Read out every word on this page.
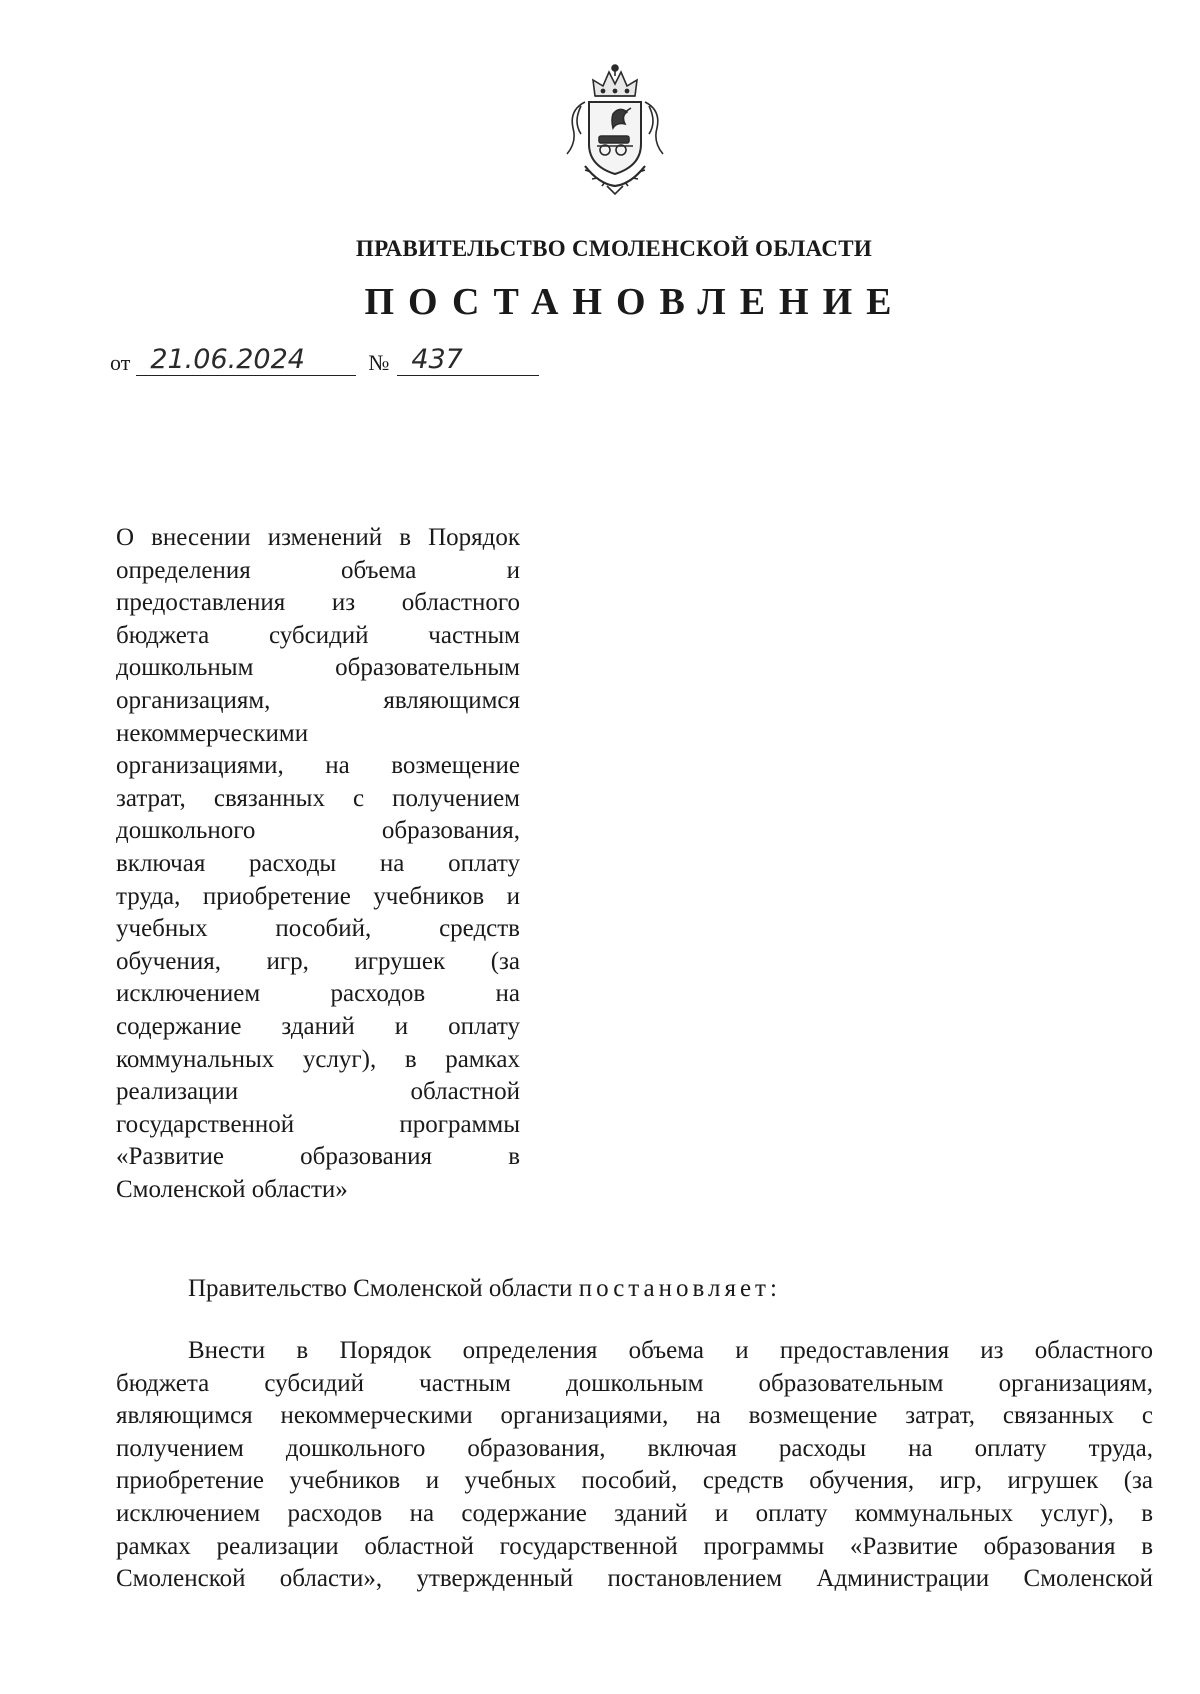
ПРАВИТЕЛЬСТВО СМОЛЕНСКОЙ ОБЛАСТИ
ПОСТАНОВЛЕНИЕ
от 21.06.2024	№ 437
О внесении изменений в Порядок
определения объема и
предоставления из областного
бюджета субсидий частным
дошкольным образовательным
организациям, являющимся
некоммерческими
организациями, на возмещение
затрат, связанных с получением
дошкольного образования,
включая расходы на оплату
труда, приобретение учебников и
учебных пособий, средств
обучения, игр, игрушек (за
исключением расходов на
содержание зданий и оплату
коммунальных услуг), в рамках
реализации областной
государственной программы
«Развитие образования в
Смоленской области»
Правительство Смоленской области постановляет:
Внести в Порядок определения объема и предоставления из областного
бюджета субсидий частным дошкольным образовательным организациям,
являющимся некоммерческими организациями, на возмещение затрат, связанных с
получением дошкольного образования, включая расходы на оплату труда,
приобретение учебников и учебных пособий, средств обучения, игр, игрушек (за
исключением расходов на содержание зданий и оплату коммунальных услуг), в
рамках реализации областной государственной программы «Развитие образования в
Смоленской области», утвержденный постановлением Администрации Смоленской
